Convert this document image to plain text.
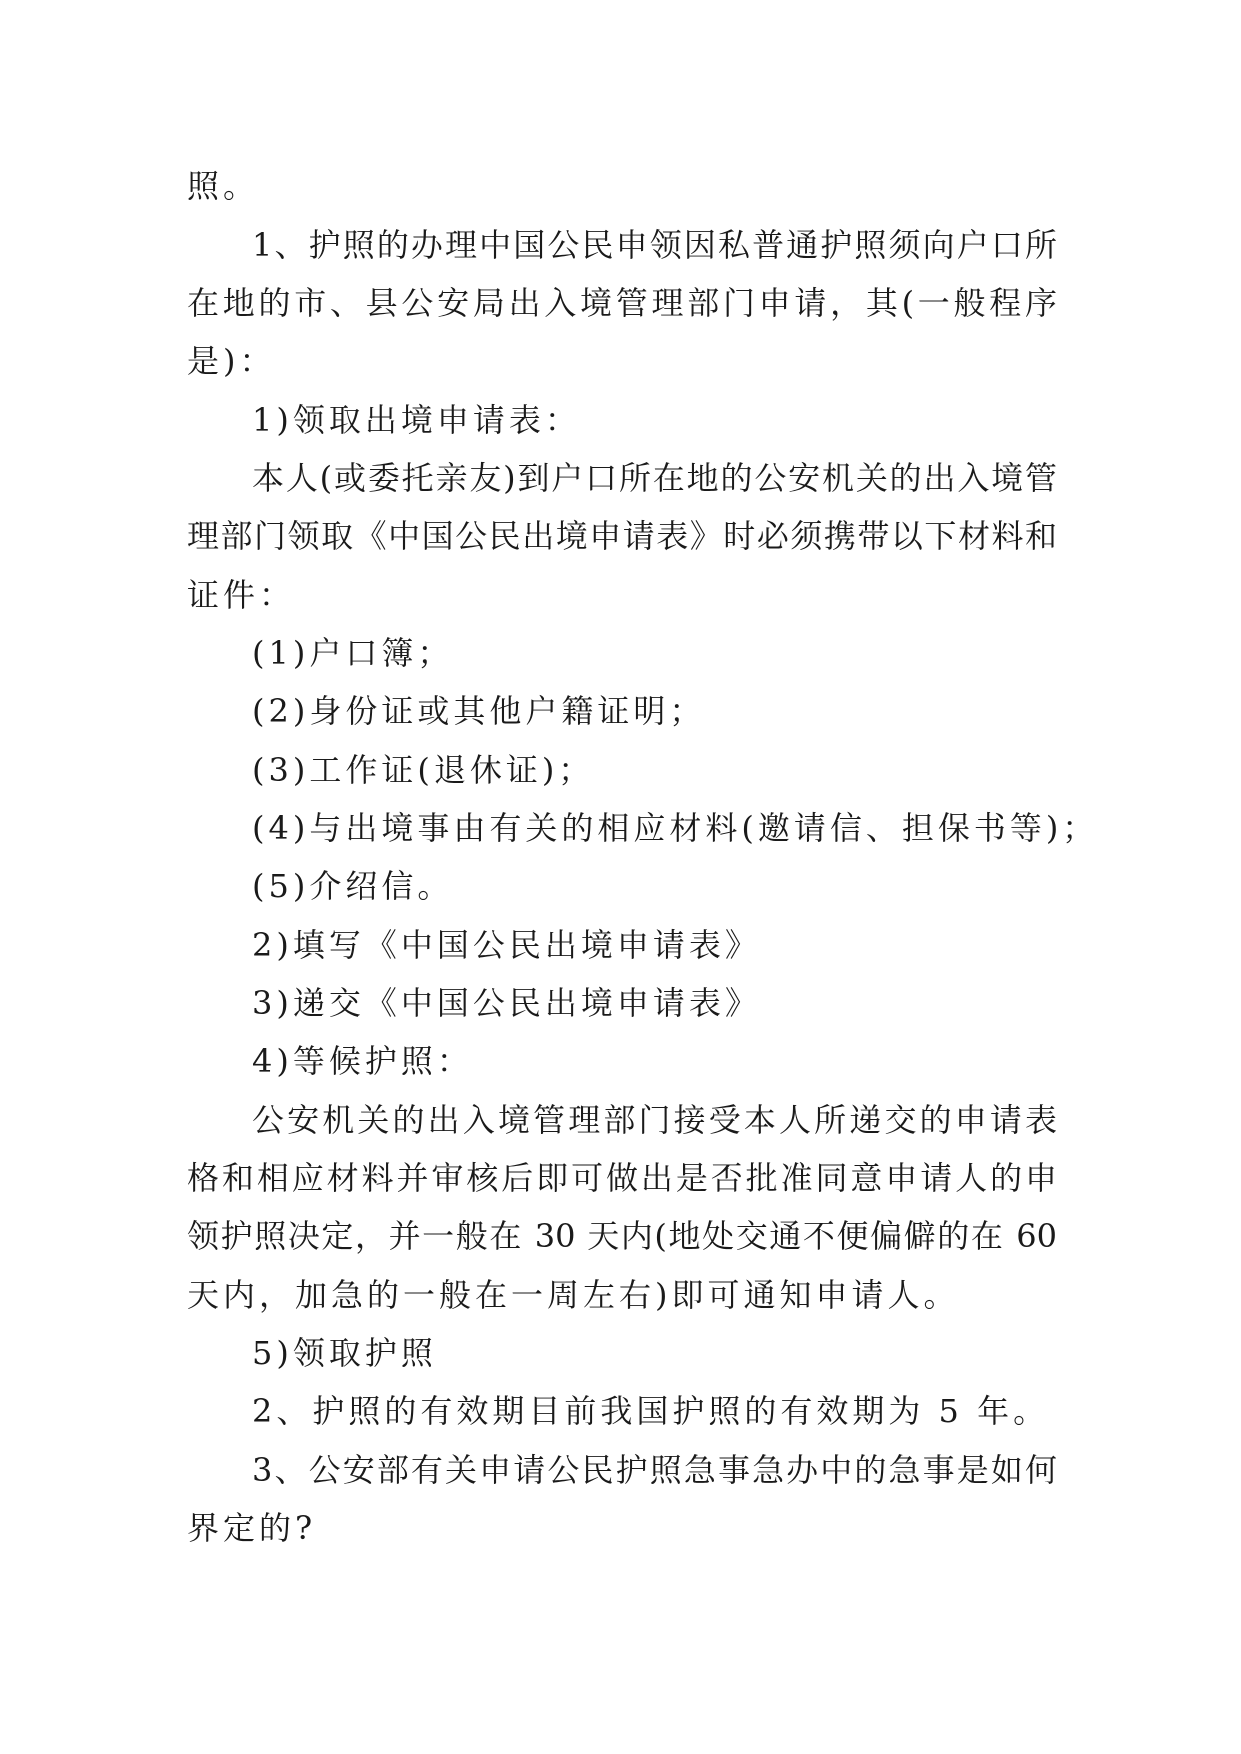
照。
1、护照的办理中国公民申领因私普通护照须向户口所
在地的市、县公安局出入境管理部门申请，其(一般程序
是)：
1)领取出境申请表：
本人(或委托亲友)到户口所在地的公安机关的出入境管
理部门领取《中国公民出境申请表》时必须携带以下材料和
证件：
(1)户口簿；
(2)身份证或其他户籍证明；
(3)工作证(退休证)；
(4)与出境事由有关的相应材料(邀请信、担保书等)；
(5)介绍信。
2)填写《中国公民出境申请表》
3)递交《中国公民出境申请表》
4)等候护照：
公安机关的出入境管理部门接受本人所递交的申请表
格和相应材料并审核后即可做出是否批准同意申请人的申
领护照决定，并一般在 30 天内(地处交通不便偏僻的在 60
天内，加急的一般在一周左右)即可通知申请人。
5)领取护照
2、护照的有效期目前我国护照的有效期为 5 年。
3、公安部有关申请公民护照急事急办中的急事是如何
界定的?
